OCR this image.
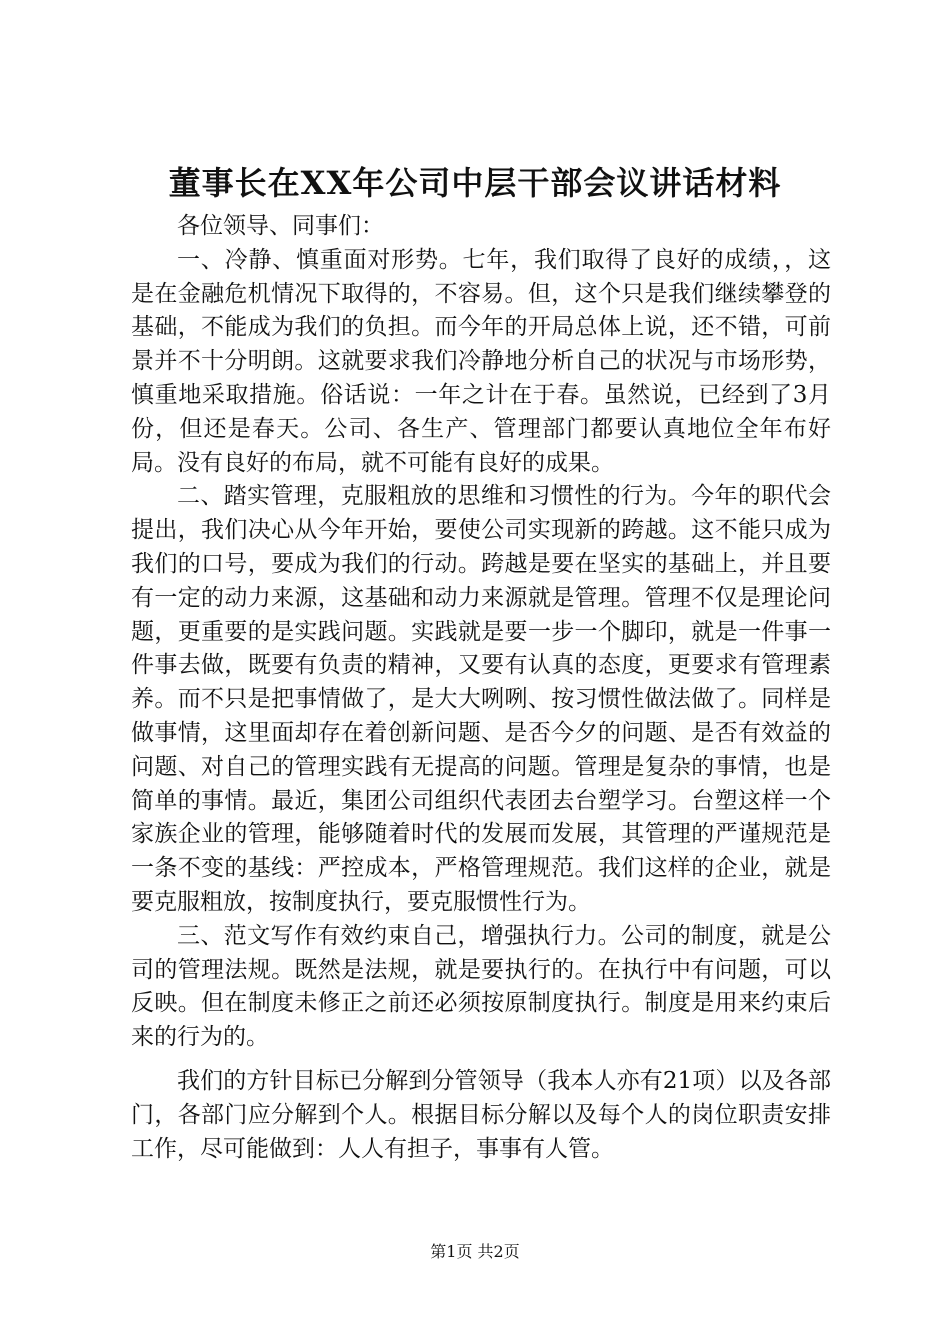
董事长在XX年公司中层干部会议讲话材料

各位领导、同事们：

一、冷静、慎重面对形势。七年，我们取得了良好的成绩，，这是在金融危机情况下取得的，不容易。但，这个只是我们继续攀登的基础，不能成为我们的负担。而今年的开局总体上说，还不错，可前景并不十分明朗。这就要求我们冷静地分析自己的状况与市场形势，慎重地采取措施。俗话说：一年之计在于春。虽然说，已经到了3月份，但还是春天。公司、各生产、管理部门都要认真地位全年布好局。没有良好的布局，就不可能有良好的成果。

二、踏实管理，克服粗放的思维和习惯性的行为。今年的职代会提出，我们决心从今年开始，要使公司实现新的跨越。这不能只成为我们的口号，要成为我们的行动。跨越是要在坚实的基础上，并且要有一定的动力来源，这基础和动力来源就是管理。管理不仅是理论问题，更重要的是实践问题。实践就是要一步一个脚印，就是一件事一件事去做，既要有负责的精神，又要有认真的态度，更要求有管理素养。而不只是把事情做了，是大大咧咧、按习惯性做法做了。同样是做事情，这里面却存在着创新问题、是否今夕的问题、是否有效益的问题、对自己的管理实践有无提高的问题。管理是复杂的事情，也是简单的事情。最近，集团公司组织代表团去台塑学习。台塑这样一个家族企业的管理，能够随着时代的发展而发展，其管理的严谨规范是一条不变的基线：严控成本，严格管理规范。我们这样的企业，就是要克服粗放，按制度执行，要克服惯性行为。

三、范文写作有效约束自己，增强执行力。公司的制度，就是公司的管理法规。既然是法规，就是要执行的。在执行中有问题，可以反映。但在制度未修正之前还必须按原制度执行。制度是用来约束后来的行为的。

我们的方针目标已分解到分管领导（我本人亦有21项）以及各部门，各部门应分解到个人。根据目标分解以及每个人的岗位职责安排工作，尽可能做到：人人有担子，事事有人管。

第1页 共2页
